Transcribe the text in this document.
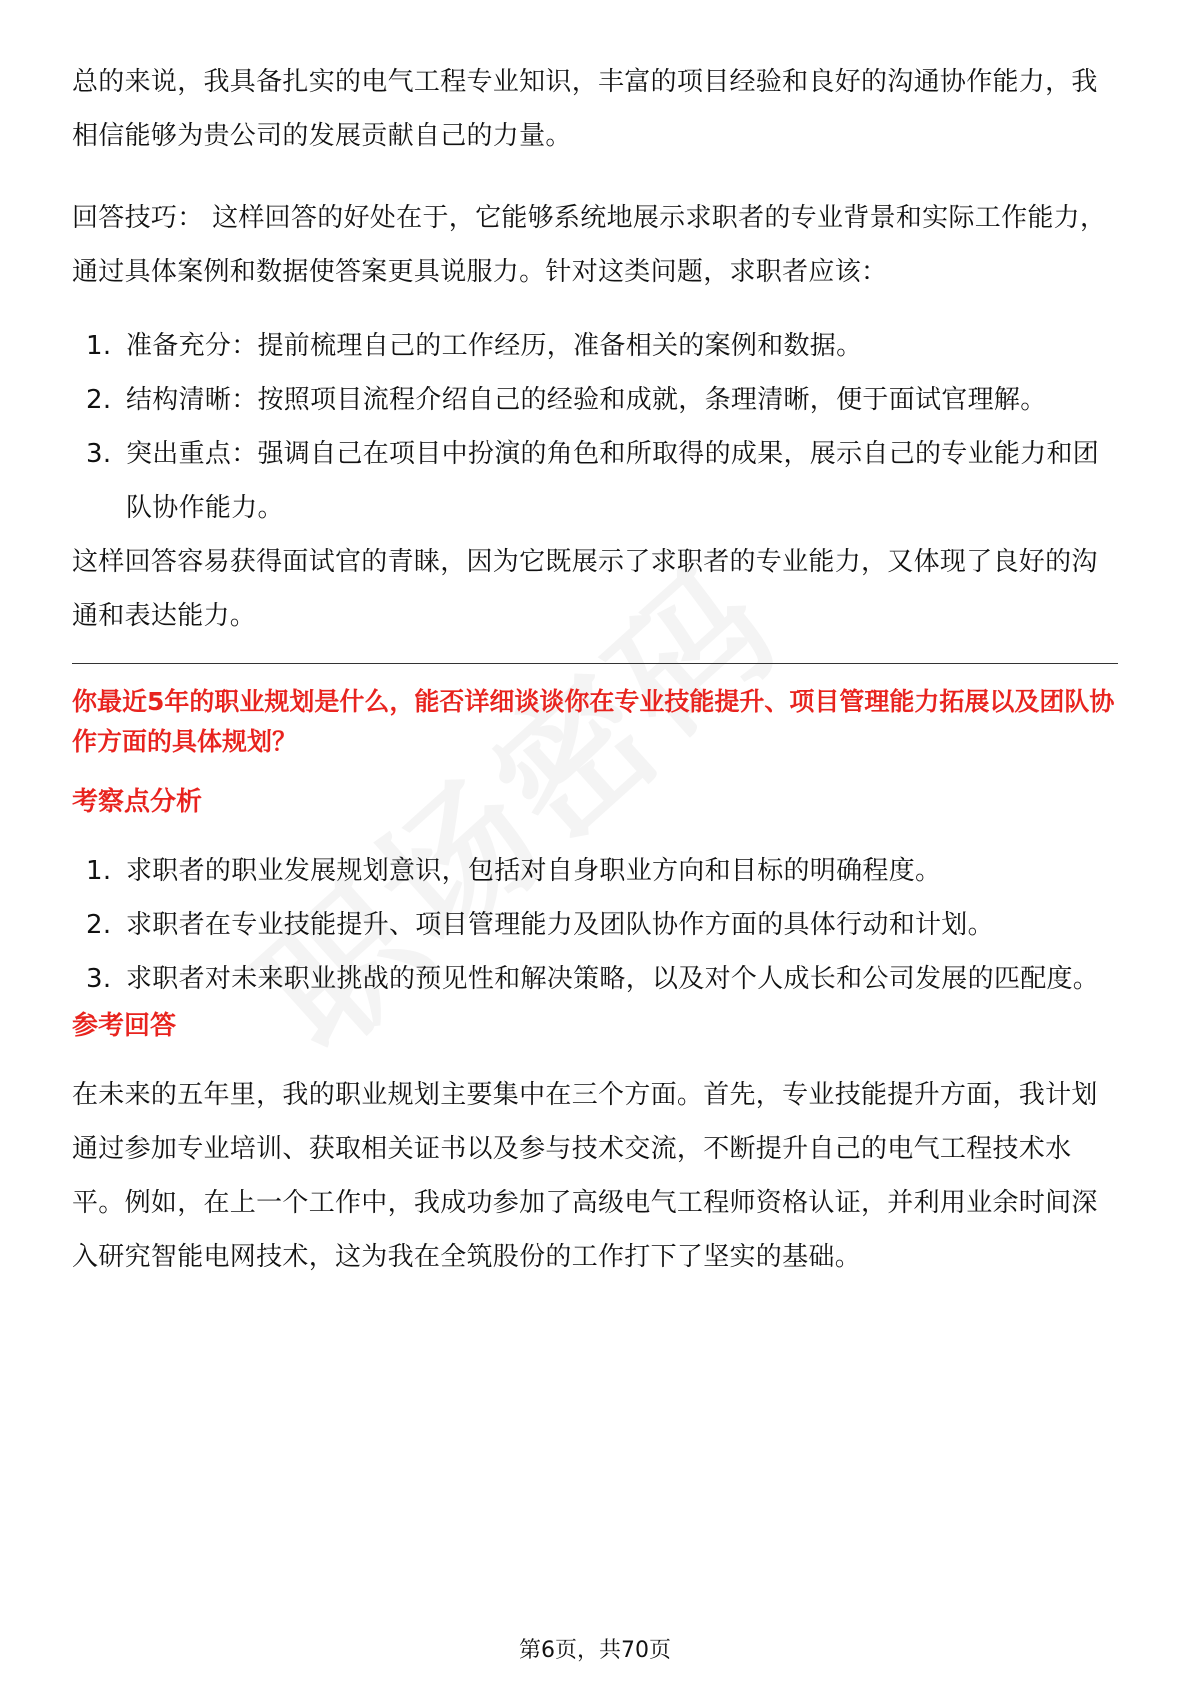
总的来说，我具备扎实的电气工程专业知识，丰富的项目经验和良好的沟通协作能力，我相信能够为贵公司的发展贡献自己的力量。

回答技巧： 这样回答的好处在于，它能够系统地展示求职者的专业背景和实际工作能力，通过具体案例和数据使答案更具说服力。针对这类问题，求职者应该：

1. 准备充分：提前梳理自己的工作经历，准备相关的案例和数据。
2. 结构清晰：按照项目流程介绍自己的经验和成就，条理清晰，便于面试官理解。
3. 突出重点：强调自己在项目中扮演的角色和所取得的成果，展示自己的专业能力和团队协作能力。

这样回答容易获得面试官的青睐，因为它既展示了求职者的专业能力，又体现了良好的沟通和表达能力。

你最近5年的职业规划是什么，能否详细谈谈你在专业技能提升、项目管理能力拓展以及团队协作方面的具体规划？

考察点分析
1. 求职者的职业发展规划意识，包括对自身职业方向和目标的明确程度。
2. 求职者在专业技能提升、项目管理能力及团队协作方面的具体行动和计划。
3. 求职者对未来职业挑战的预见性和解决策略，以及对个人成长和公司发展的匹配度。
参考回答

在未来的五年里，我的职业规划主要集中在三个方面。首先，专业技能提升方面，我计划通过参加专业培训、获取相关证书以及参与技术交流，不断提升自己的电气工程技术水平。例如，在上一个工作中，我成功参加了高级电气工程师资格认证，并利用业余时间深入研究智能电网技术，这为我在全筑股份的工作打下了坚实的基础。

第6页，共70页
